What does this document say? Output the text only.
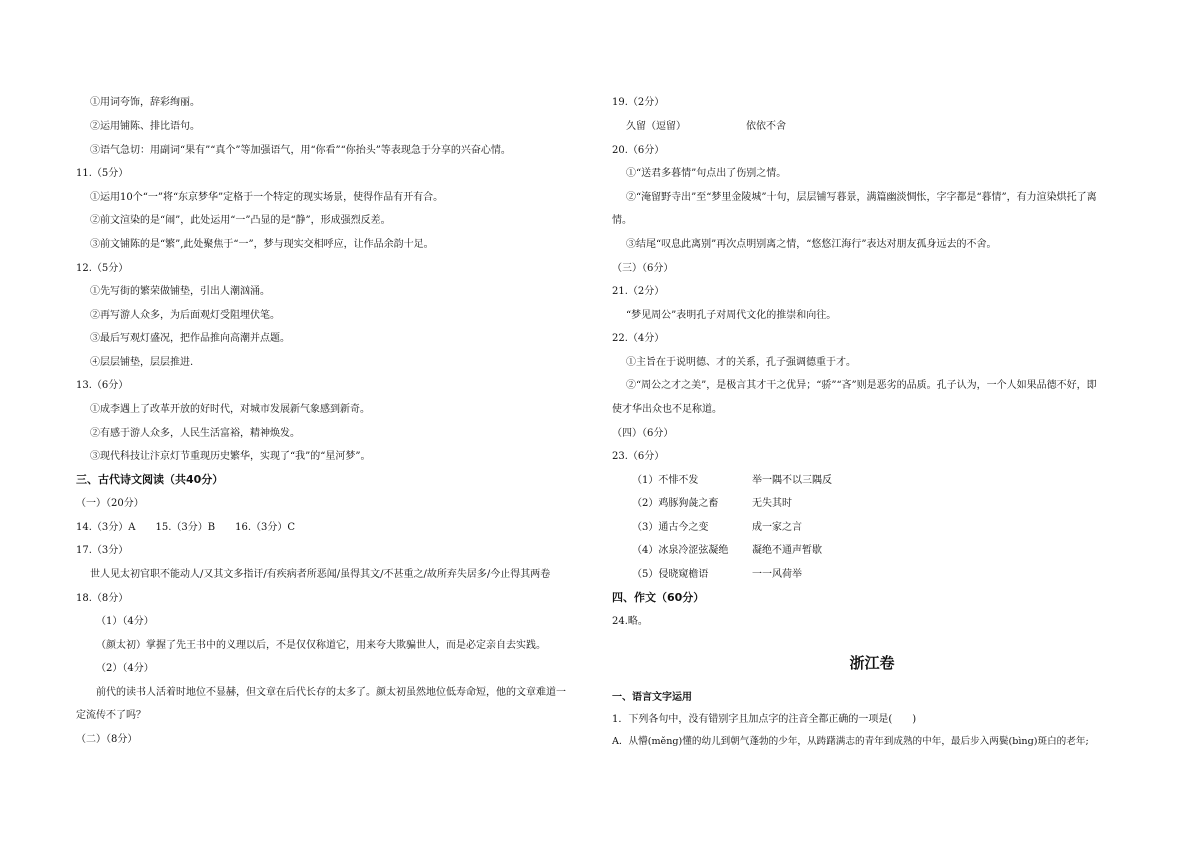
①用词夸饰，辞彩绚丽。
②运用铺陈、排比语句。
③语气急切：用副词“果有”“真个”等加强语气，用“你看”“你抬头”等表现急于分享的兴奋心情。
11.（5分）
①运用10个“一”将“东京梦华”定格于一个特定的现实场景，使得作品有开有合。
②前文渲染的是“闹”，此处运用“一”凸显的是“静”，形成强烈反差。
③前文铺陈的是“繁”,此处聚焦于“一”，梦与现实交相呼应，让作品余韵十足。
12.（5分）
①先写街的繁荣做铺垫，引出人潮汹涌。
②再写游人众多，为后面观灯受阻埋伏笔。
③最后写观灯盛况，把作品推向高潮并点题。
④层层铺垫，层层推进.
13.（6分）
①成李遇上了改革开放的好时代，对城市发展新气象感到新奇。
②有感于游人众多，人民生活富裕，精神焕发。
③现代科技让汴京灯节重现历史繁华，实现了“我”的“星河梦”。
三、古代诗文阅读（共40分）
（一）（20分）
14.（3分）A　　15.（3分）B　　16.（3分）C
17.（3分）
世人见太初官职不能动人/又其文多指讦/有疾病者所恶闻/虽得其文/不甚重之/故所弃失居多/今止得其两卷
18.（8分）
（1）（4分）
（颜太初）掌握了先王书中的义理以后，不是仅仅称道它，用来夸大欺骗世人，而是必定亲自去实践。
（2）（4分）
前代的读书人活着时地位不显赫，但文章在后代长存的太多了。颜太初虽然地位低寿命短，他的文章难道一
定流传不了吗？
（二）（8分）
19.（2分）
久留（逗留）	依依不舍
20.（6分）
①“送君多暮情”句点出了伤别之情。
②“淹留野寺出”至“梦里金陵城”十句，层层铺写暮景，满篇幽淡惆怅，字字都是“暮情”，有力渲染烘托了离
情。
③结尾“叹息此离别”再次点明别离之情，“悠悠江海行”表达对朋友孤身远去的不舍。
（三）（6分）
21.（2分）
“梦见周公”表明孔子对周代文化的推崇和向往。
22.（4分）
①主旨在于说明德、才的关系，孔子强调德重于才。
②“周公之才之美”，是极言其才干之优异；“骄”“吝”则是恶劣的品质。孔子认为，一个人如果品德不好，即
使才华出众也不足称道。
（四）（6分）
23.（6分）
（1）不悱不发	举一隅不以三隅反
（2）鸡豚狗彘之畜	无失其时
（3）通古今之变	成一家之言
（4）冰泉冷涩弦凝绝 凝绝不通声暂歇
（5）侵晓窥檐语	一一风荷举
四、作文（60分）
24.略。
一、语言文字运用
1．下列各句中，没有错别字且加点字的注音全都正确的一项是(　　)
A．从懵(měng)懂的幼儿到朝气蓬勃的少年，从踌躇满志的青年到成熟的中年，最后步入两鬓(bìng)斑白的老年;
浙江卷
